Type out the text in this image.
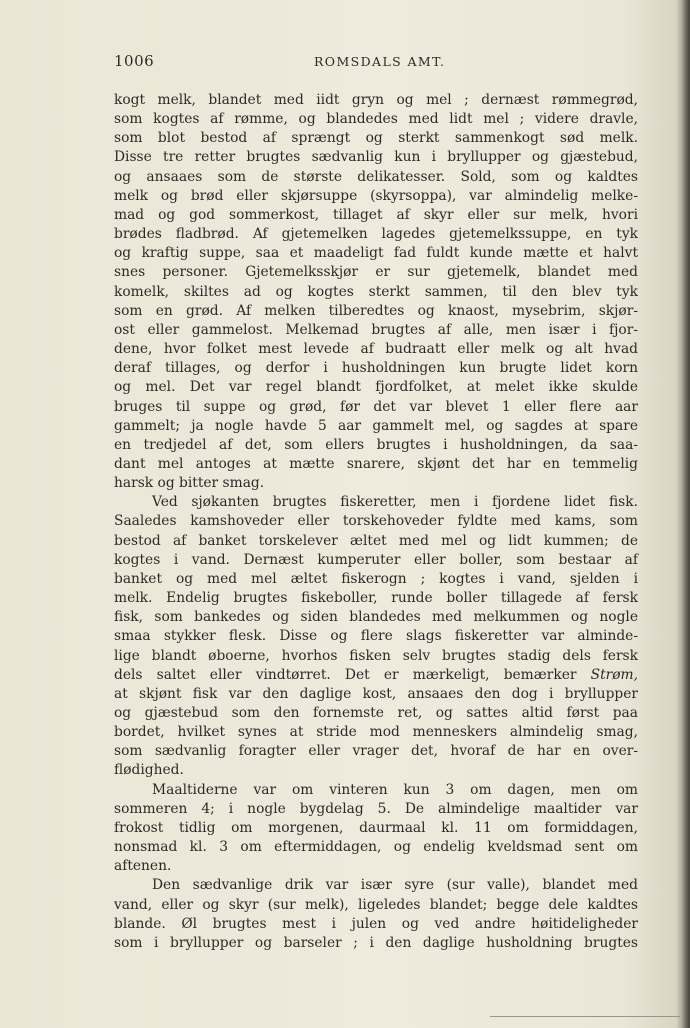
1006	ROMSDALS AMT.
kogt melk, blandet med iidt gryn og mel ; dernæst rømmegrød,
som kogtes af rømme, og blandedes med lidt mel ; videre dravle,
som blot bestod af sprængt og sterkt sammenkogt sød melk.
Disse tre retter brugtes sædvanlig kun i bryllupper og gjæstebud,
og ansaaes som de største delikatesser. Sold, som og kaldtes
melk og brød eller skjørsuppe (skyrsoppa), var almindelig melke-
mad og god sommerkost, tillaget af skyr eller sur melk, hvori
brødes fladbrød. Af gjetemelken lagedes gjetemelkssuppe, en tyk
og kraftig suppe, saa et maadeligt fad fuldt kunde mætte et halvt
snes personer. Gjetemelksskjør er sur gjetemelk, blandet med
komelk, skiltes ad og kogtes sterkt sammen, til den blev tyk
som en grød. Af melken tilberedtes og knaost, mysebrim, skjør-
ost eller gammelost. Melkemad brugtes af alle, men især i fjor-
dene, hvor folket mest levede af budraatt eller melk og alt hvad
deraf tillages, og derfor i husholdningen kun brugte lidet korn
og mel. Det var regel blandt fjordfolket, at melet ikke skulde
bruges til suppe og grød, før det var blevet 1 eller flere aar
gammelt; ja nogle havde 5 aar gammelt mel, og sagdes at spare
en tredjedel af det, som ellers brugtes i husholdningen, da saa-
dant mel antoges at mætte snarere, skjønt det har en temmelig
harsk og bitter smag.
Ved sjøkanten brugtes fiskeretter, men i fjordene lidet fisk.
Saaledes kamshoveder eller torskehoveder fyldte med kams, som
bestod af banket torskelever æltet med mel og lidt kummen; de
kogtes i vand. Dernæst kumperuter eller boller, som bestaar af
banket og med mel æltet fiskerogn ; kogtes i vand, sjelden i
melk. Endelig brugtes fiskeboller, runde boller tillagede af fersk
fisk, som bankedes og siden blandedes med melkummen og nogle
smaa stykker flesk. Disse og flere slags fiskeretter var alminde-
lige blandt øboerne, hvorhos fisken selv brugtes stadig dels fersk
dels saltet eller vindtørret. Det er mærkeligt, bemærker Strøm,
at skjønt fisk var den daglige kost, ansaaes den dog i bryllupper
og gjæstebud som den fornemste ret, og sattes altid først paa
bordet, hvilket synes at stride mod menneskers almindelig smag,
som sædvanlig foragter eller vrager det, hvoraf de har en over-
flødighed.
Maaltiderne var om vinteren kun 3 om dagen, men om
sommeren 4; i nogle bygdelag 5. De almindelige maaltider var
frokost tidlig om morgenen, daurmaal kl. 11 om formiddagen,
nonsmad kl. 3 om eftermiddagen, og endelig kveldsmad sent om
aftenen.
Den sædvanlige drik var især syre (sur valle), blandet med
vand, eller og skyr (sur melk), ligeledes blandet; begge dele kaldtes
blande. Øl brugtes mest i julen og ved andre høitideligheder
som i bryllupper og barseler ; i den daglige husholdning brugtes
